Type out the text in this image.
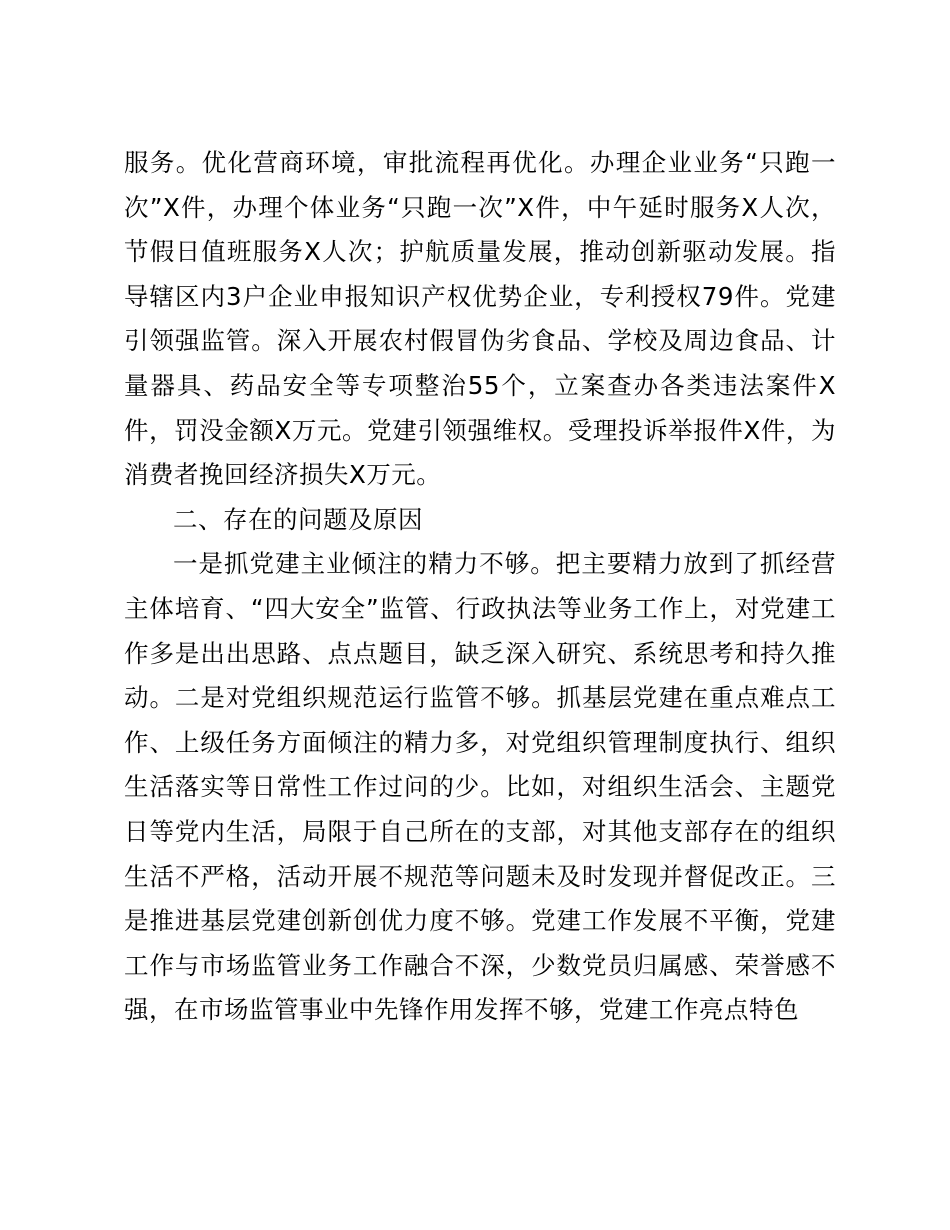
服务。优化营商环境，审批流程再优化。办理企业业务“只跑一次”X件，办理个体业务“只跑一次”X件，中午延时服务X人次，节假日值班服务X人次；护航质量发展，推动创新驱动发展。指导辖区内3户企业申报知识产权优势企业，专利授权79件。党建引领强监管。深入开展农村假冒伪劣食品、学校及周边食品、计量器具、药品安全等专项整治55个，立案查办各类违法案件X件，罚没金额X万元。党建引领强维权。受理投诉举报件X件，为消费者挽回经济损失X万元。

二、存在的问题及原因

一是抓党建主业倾注的精力不够。把主要精力放到了抓经营主体培育、“四大安全”监管、行政执法等业务工作上，对党建工作多是出出思路、点点题目，缺乏深入研究、系统思考和持久推动。二是对党组织规范运行监管不够。抓基层党建在重点难点工作、上级任务方面倾注的精力多，对党组织管理制度执行、组织生活落实等日常性工作过问的少。比如，对组织生活会、主题党日等党内生活，局限于自己所在的支部，对其他支部存在的组织生活不严格，活动开展不规范等问题未及时发现并督促改正。三是推进基层党建创新创优力度不够。党建工作发展不平衡，党建工作与市场监管业务工作融合不深，少数党员归属感、荣誉感不强，在市场监管事业中先锋作用发挥不够，党建工作亮点特色
